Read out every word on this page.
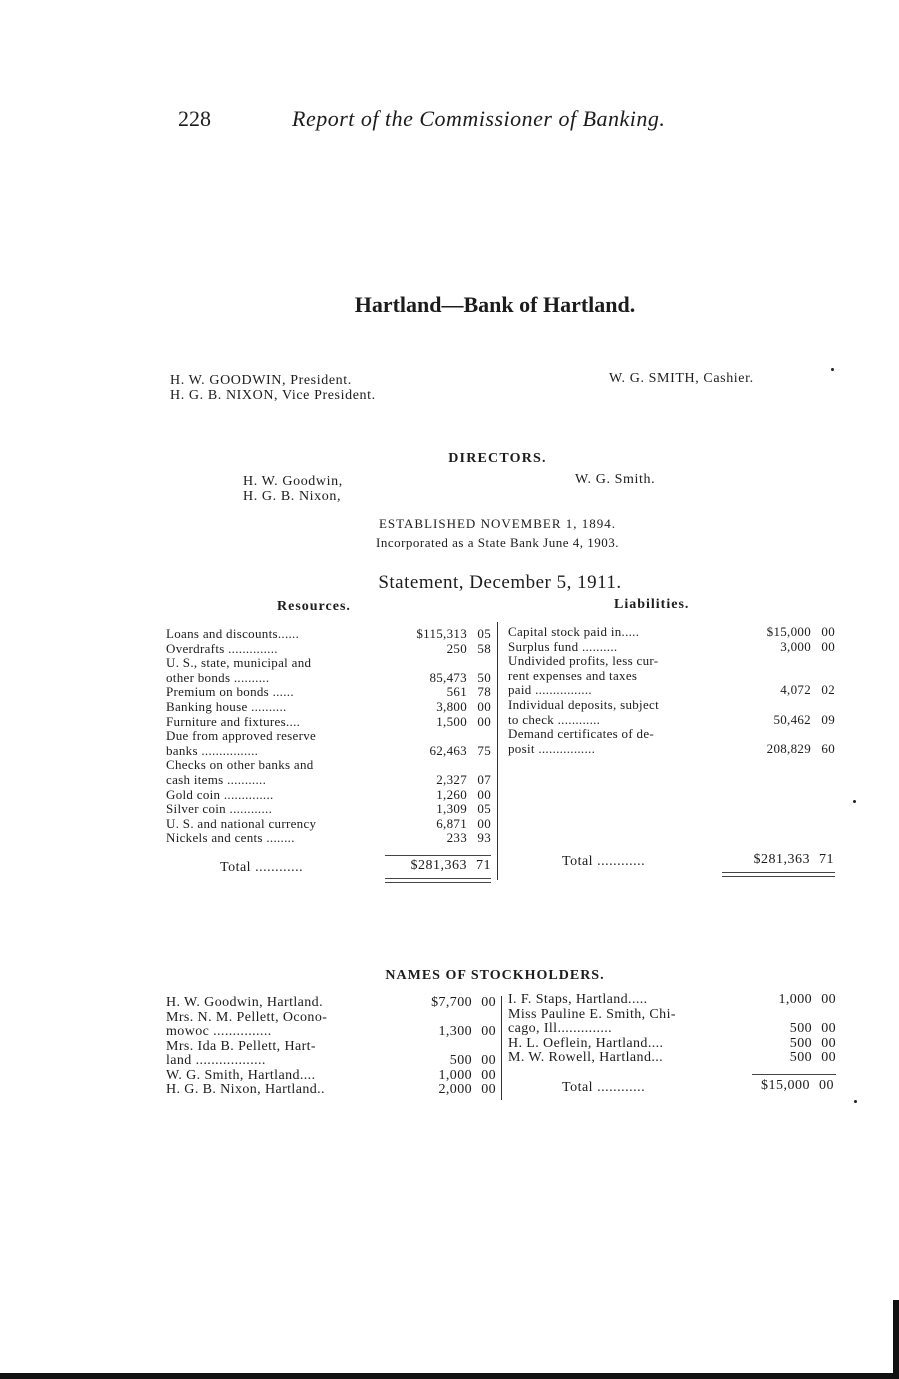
228	Report of the Commissioner of Banking.
Hartland—Bank of Hartland.
H. W. GOODWIN, President.
H. G. B. NIXON, Vice President.
W. G. SMITH, Cashier.
DIRECTORS.
H. W. Goodwin,
H. G. B. Nixon,
W. G. Smith.
ESTABLISHED NOVEMBER 1, 1894.
Incorporated as a State Bank June 4, 1903.
Statement, December 5, 1911.
Resources.	Liabilities.
Loans and discounts......	$115,313 05
Overdrafts ..............	250 58
U. S., state, municipal and
other bonds ..........	85,473 50
Premium on bonds ......	561 78
Banking house ..........	3,800 00
Furniture and fixtures....	1,500 00
Due from approved reserve
banks ................	62,463 75
Checks on other banks and
cash items ...........	2,327 07
Gold coin ..............	1,260 00
Silver coin ............	1,309 05
U. S. and national currency	6,871 00
Nickels and cents ........	233 93
Capital stock paid in.....	$15,000 00
Surplus fund ..........	3,000 00
Undivided profits, less cur-
rent expenses and taxes
paid ................	4,072 02
Individual deposits, subject
to check ............	50,462 09
Demand certificates of de-
posit ................	208,829 60
Total ............	$281,363 71	Total ............	$281,363 71
NAMES OF STOCKHOLDERS.
H. W. Goodwin, Hartland.	$7,700 00
Mrs. N. M. Pellett, Ocono-
mowoc ...............	1,300 00
Mrs. Ida B. Pellett, Hart-
land ..................	500 00
W. G. Smith, Hartland....	1,000 00
H. G. B. Nixon, Hartland..	2,000 00
I. F. Staps, Hartland.....	1,000 00
Miss Pauline E. Smith, Chi-
cago, Ill..............	500 00
H. L. Oeflein, Hartland....	500 00
M. W. Rowell, Hartland...	500 00
Total ............	$15,000 00
